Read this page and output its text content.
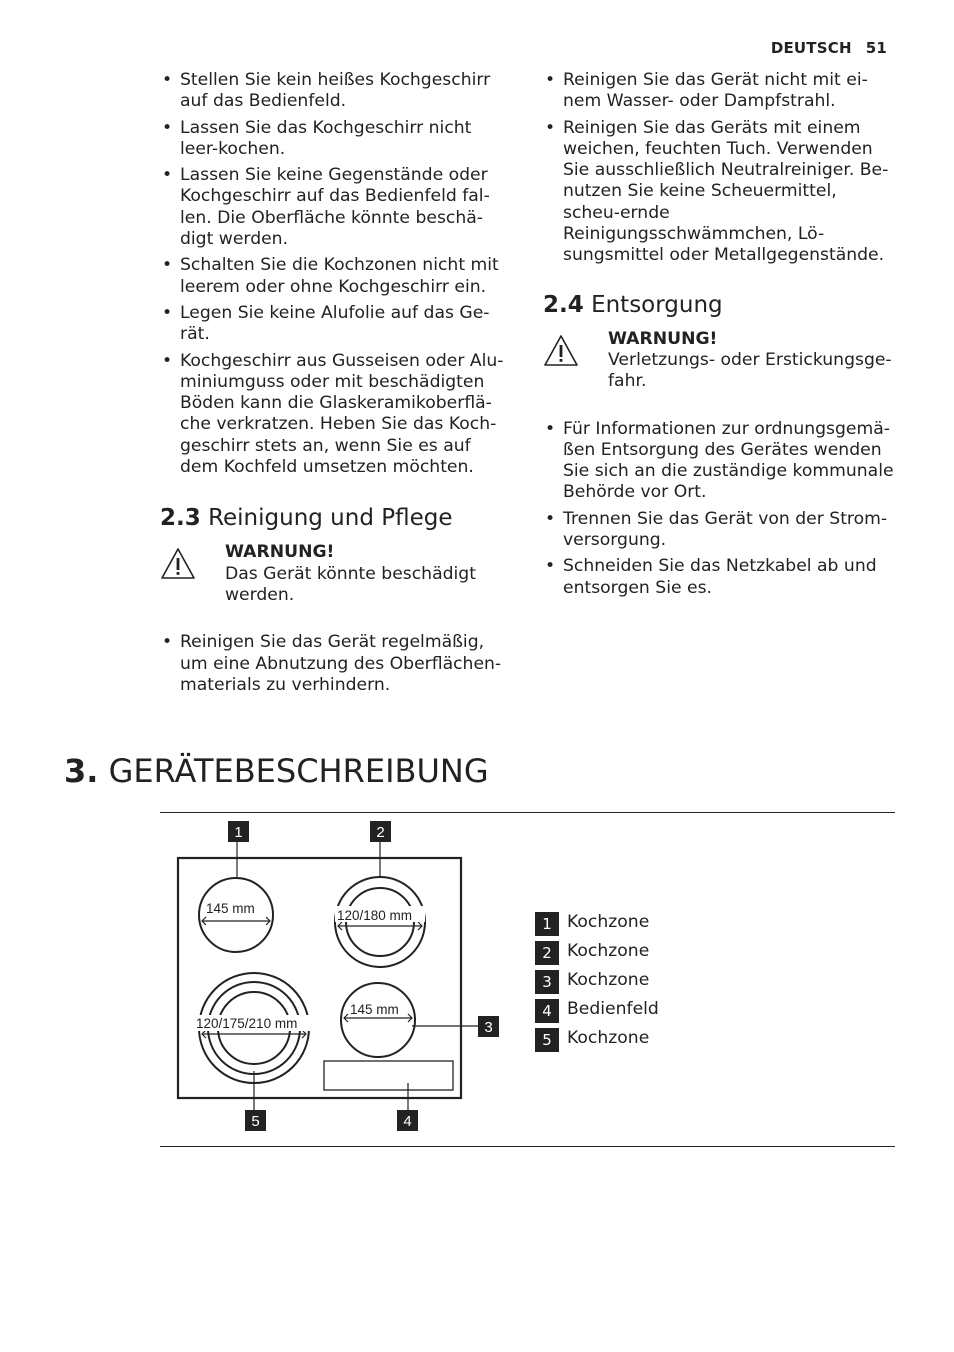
DEUTSCH 51
• Stellen Sie kein heißes Kochgeschirr auf das Bedienfeld.
• Lassen Sie das Kochgeschirr nicht leer-kochen.
• Lassen Sie keine Gegenstände oder Kochgeschirr auf das Bedienfeld fal-len. Die Oberfläche könnte beschä-digt werden.
• Schalten Sie die Kochzonen nicht mit leerem oder ohne Kochgeschirr ein.
• Legen Sie keine Alufolie auf das Ge-rät.
• Kochgeschirr aus Gusseisen oder Alu-miniumguss oder mit beschädigten Böden kann die Glaskeramikoberflä-che verkratzen. Heben Sie das Koch-geschirr stets an, wenn Sie es auf dem Kochfeld umsetzen möchten.
2.3 Reinigung und Pflege
WARNUNG!
Das Gerät könnte beschädigt werden.
• Reinigen Sie das Gerät regelmäßig, um eine Abnutzung des Oberflächen-materials zu verhindern.
• Reinigen Sie das Gerät nicht mit ei-nem Wasser- oder Dampfstrahl.
• Reinigen Sie das Geräts mit einem weichen, feuchten Tuch. Verwenden Sie ausschließlich Neutralreiniger. Be-nutzen Sie keine Scheuermittel, scheu-ernde Reinigungsschwämmchen, Lö-sungsmittel oder Metallgegenstände.
2.4 Entsorgung
WARNUNG!
Verletzungs- oder Erstickungsge-fahr.
• Für Informationen zur ordnungsgemä-ßen Entsorgung des Gerätes wenden Sie sich an die zuständige kommunale Behörde vor Ort.
• Trennen Sie das Gerät von der Strom-versorgung.
• Schneiden Sie das Netzkabel ab und entsorgen Sie es.
3. GERÄTEBESCHREIBUNG
145 mm	120/180 mm
120/175/210 mm
145 mm
1	2
3
4
5
1 Kochzone
2 Kochzone
3 Kochzone
4 Bedienfeld
5 Kochzone
